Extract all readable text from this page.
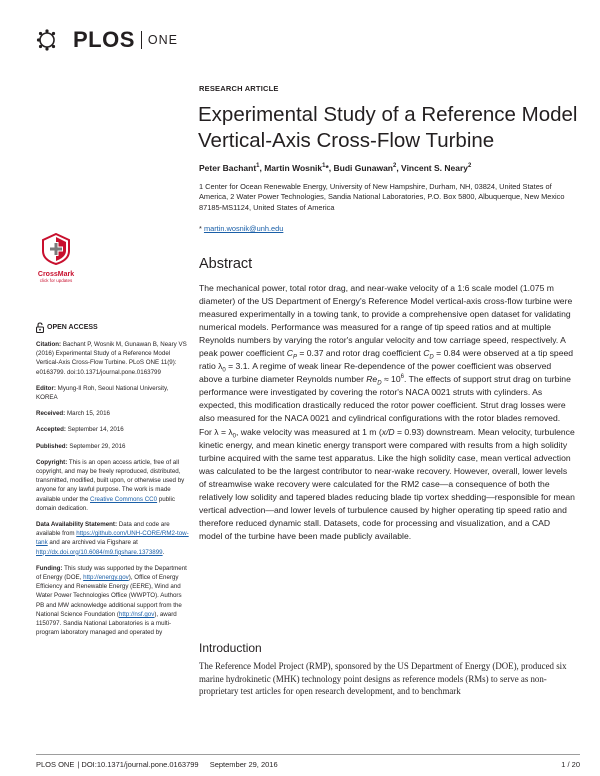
PLOS ONE
RESEARCH ARTICLE
Experimental Study of a Reference Model Vertical-Axis Cross-Flow Turbine
Peter Bachant$^1$, Martin Wosnik$^1$*, Budi Gunawan$^2$, Vincent S. Neary$^2$
1 Center for Ocean Renewable Energy, University of New Hampshire, Durham, NH, 03824, United States of America, 2 Water Power Technologies, Sandia National Laboratories, P.O. Box 5800, Albuquerque, New Mexico 87185-MS1124, United States of America
* martin.wosnik@unh.edu
CrossMark
click for updates
Abstract

The mechanical power, total rotor drag, and near-wake velocity of a 1:6 scale model (1.075 m diameter) of the US Department of Energy's Reference Model vertical-axis cross-flow turbine were measured experimentally in a towing tank, to provide a comprehensive open dataset for validating numerical models. Performance was measured for a range of tip speed ratios and at multiple Reynolds numbers by varying the rotor's angular velocity and tow carriage speed, respectively. A peak power coefficient $C_P = 0.37$ and rotor drag coefficient $C_D = 0.84$ were observed at a tip speed ratio $\lambda_0 = 3.1$. A regime of weak linear Re-dependence of the power coefficient was observed above a turbine diameter Reynolds number $Re_D \approx 10^6$. The effects of support strut drag on turbine performance were investigated by covering the rotor's NACA 0021 struts with cylinders. As expected, this modification drastically reduced the rotor power coefficient. Strut drag losses were also measured for the NACA 0021 and cylindrical configurations with the rotor blades removed. For $\lambda = \lambda_0$, wake velocity was measured at 1 m (x/D = 0.93) downstream. Mean velocity, turbulence kinetic energy, and mean kinetic energy transport were compared with results from a high solidity turbine acquired with the same test apparatus. Like the high solidity case, mean vertical advection was calculated to be the largest contributor to near-wake recovery. However, overall, lower levels of streamwise wake recovery were calculated for the RM2 case—a consequence of both the relatively low solidity and tapered blades reducing blade tip vortex shedding—responsible for mean vertical advection—and lower levels of turbulence caused by higher operating tip speed ratio and therefore reduced dynamic stall. Datasets, code for processing and visualization, and a CAD model of the turbine have been made publicly available.

OPEN ACCESS
Citation: Bachant P, Wosnik M, Gunawan B, Neary VS (2016) Experimental Study of a Reference Model Vertical-Axis Cross-Flow Turbine. PLoS ONE 11(9): e0163799. doi:10.1371/journal.pone.0163799
Editor: Myung-Il Roh, Seoul National University, KOREA
Received: March 15, 2016
Accepted: September 14, 2016
Published: September 29, 2016
Copyright: This is an open access article, free of all copyright, and may be freely reproduced, distributed, transmitted, modified, built upon, or otherwise used by anyone for any lawful purpose. The work is made available under the Creative Commons CC0 public domain dedication.
Data Availability Statement: Data and code are available from https://github.com/UNH-CORE/RM2-tow-tank and are archived via Figshare at http://dx.doi.org/10.6084/m9.figshare.1373899.
Funding: This study was supported by the Department of Energy (DOE, http://energy.gov), Office of Energy Efficiency and Renewable Energy (EERE), Wind and Water Power Technologies Office (WWPTO). Authors PB and MW acknowledge additional support from the National Science Foundation (http://nsf.gov), award 1150797. Sandia National Laboratories is a multi-program laboratory managed and operated by
Introduction

The Reference Model Project (RMP), sponsored by the US Department of Energy (DOE), produced six marine hydrokinetic (MHK) technology point designs as reference models (RMs) to serve as non-proprietary test articles for open research development, and to benchmark

PLOS ONE | DOI:10.1371/journal.pone.0163799 September 29, 2016	1 / 20
